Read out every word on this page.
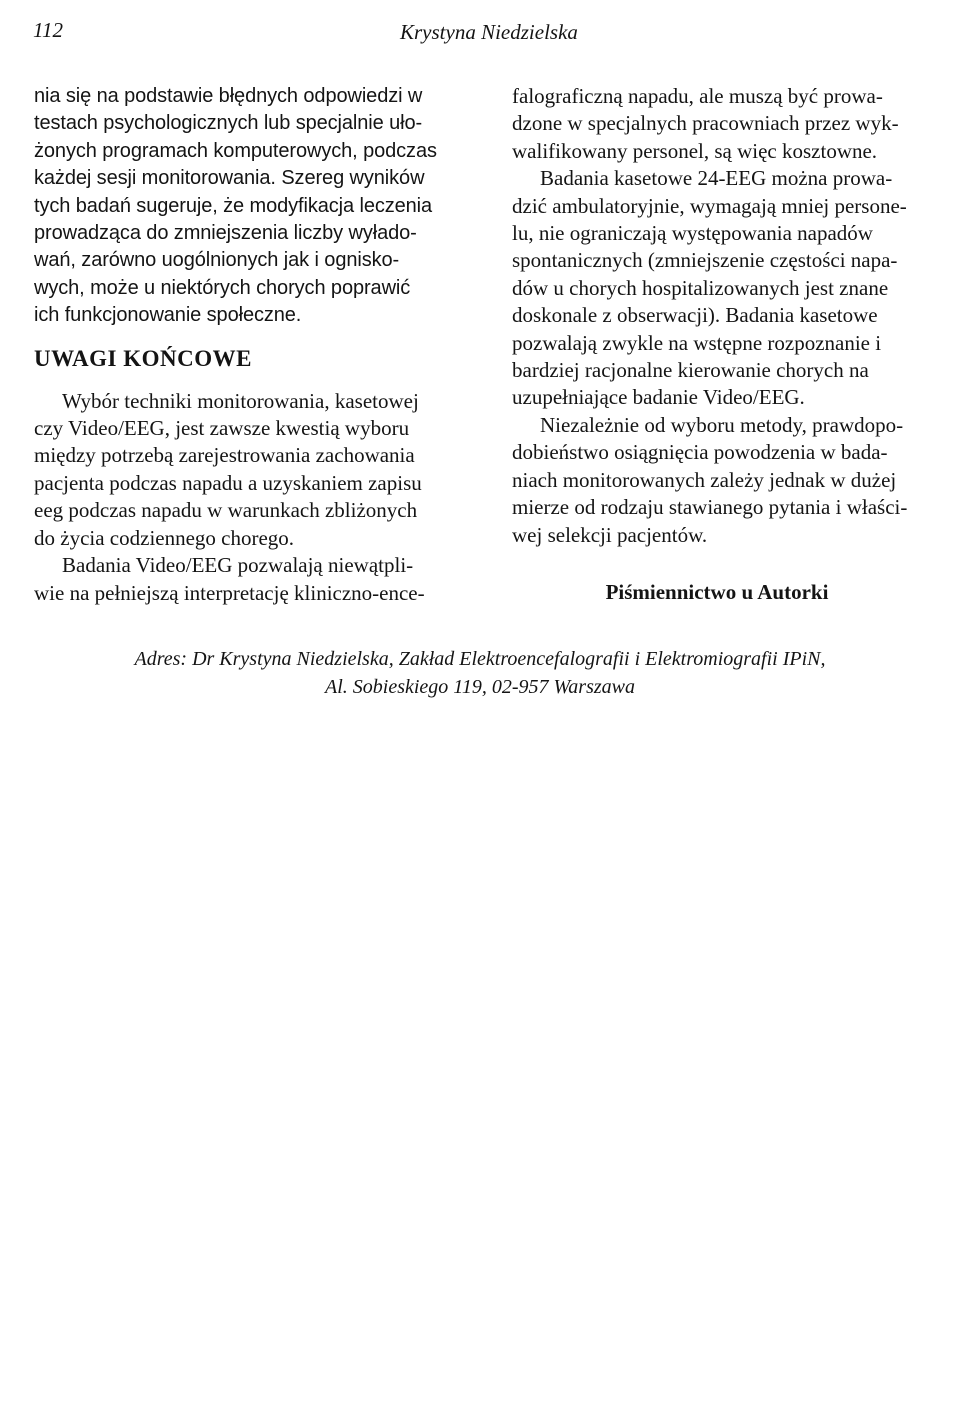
112	Krystyna Niedzielska

nia się na podstawie błędnych odpowiedzi w
testach psychologicznych lub specjalnie uło-
żonych programach komputerowych, podczas
każdej sesji monitorowania. Szereg wyników
tych badań sugeruje, że modyfikacja leczenia
prowadząca do zmniejszenia liczby wyłado-
wań, zarówno uogólnionych jak i ognisko-
wych, może u niektórych chorych poprawić
ich funkcjonowanie społeczne.

UWAGI KOŃCOWE

Wybór techniki monitorowania, kasetowej
czy Video/EEG, jest zawsze kwestią wyboru
między potrzebą zarejestrowania zachowania
pacjenta podczas napadu a uzyskaniem zapisu
eeg podczas napadu w warunkach zbliżonych
do życia codziennego chorego.

Badania Video/EEG pozwalają niewątpli-
wie na pełniejszą interpretację kliniczno-ence-

falograficzną napadu, ale muszą być prowa-
dzone w specjalnych pracowniach przez wyk-
walifikowany personel, są więc kosztowne.

Badania kasetowe 24-EEG można prowa-
dzić ambulatoryjnie, wymagają mniej persone-
lu, nie ograniczają występowania napadów
spontanicznych (zmniejszenie częstości napa-
dów u chorych hospitalizowanych jest znane
doskonale z obserwacji). Badania kasetowe
pozwalają zwykle na wstępne rozpoznanie i
bardziej racjonalne kierowanie chorych na
uzupełniające badanie Video/EEG.

Niezależnie od wyboru metody, prawdopo-
dobieństwo osiągnięcia powodzenia w bada-
niach monitorowanych zależy jednak w dużej
mierze od rodzaju stawianego pytania i właści-
wej selekcji pacjentów.

Piśmiennictwo u Autorki
Adres: Dr Krystyna Niedzielska, Zakład Elektroencefalografii i Elektromiografii IPiN,
Al. Sobieskiego 119, 02-957 Warszawa
